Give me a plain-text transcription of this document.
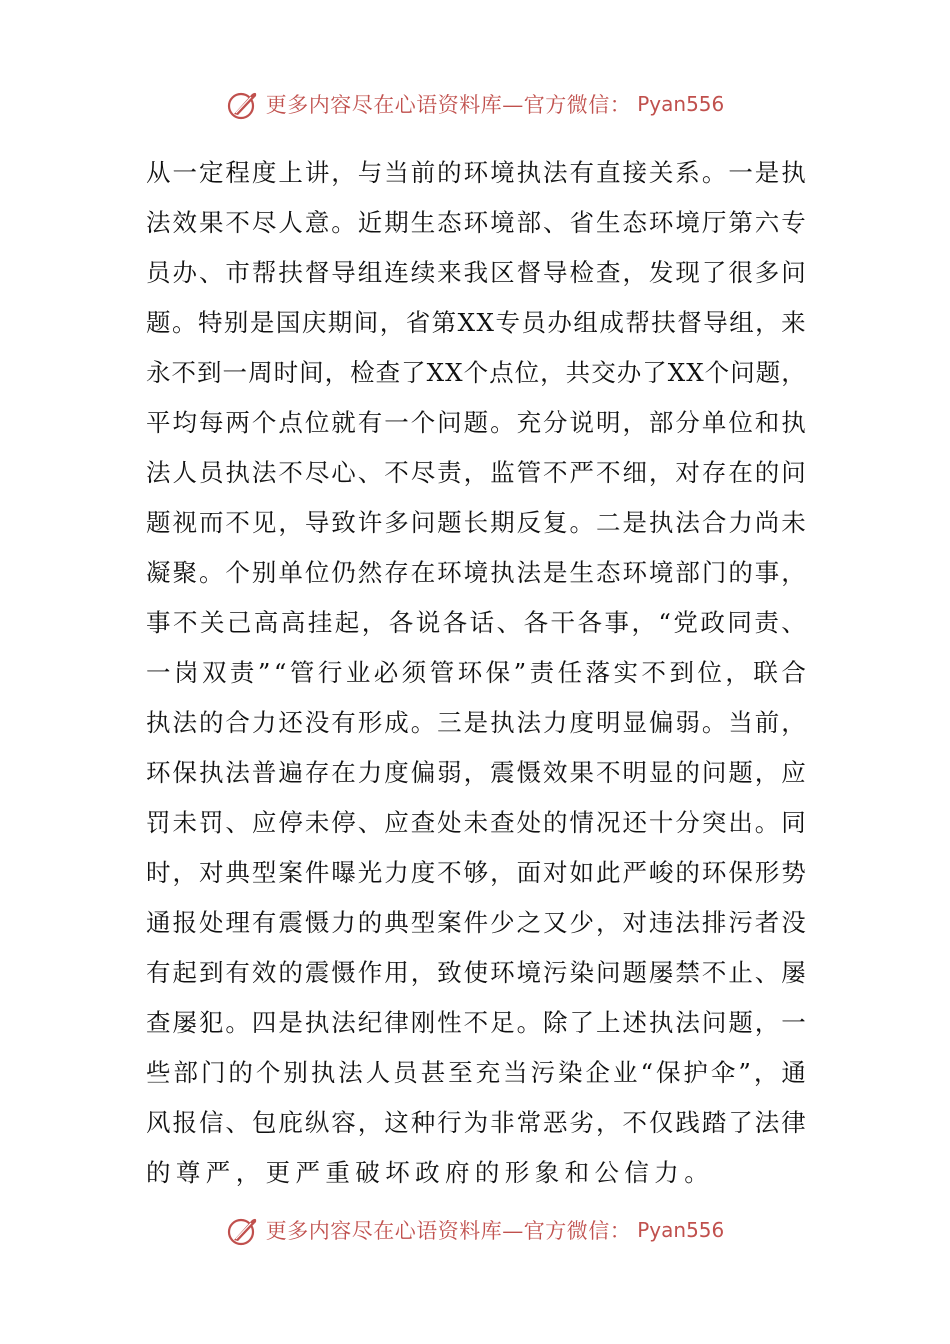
更多内容尽在心语资料库—官方微信： Pyan556
从 一 定 程 度 上 讲 ， 与 当 前 的 环 境 执 法 有 直 接 关 系 。 一 是 执
法 效 果 不 尽 人 意 。 近 期 生 态 环 境 部 、 省 生 态 环 境 厅 第 六 专
员 办 、 市 帮 扶 督 导 组 连 续 来 我 区 督 导 检 查 ， 发 现 了 很 多 问
题 。 特 别 是 国 庆 期 间 ， 省 第 X X 专 员 办 组 成 帮 扶 督 导 组 ， 来
永 不 到 一 周 时 间 ， 检 查 了 X X 个 点 位 ， 共 交 办 了 X X 个 问 题 ，
平 均 每 两 个 点 位 就 有 一 个 问 题 。 充 分 说 明 ， 部 分 单 位 和 执
法 人 员 执 法 不 尽 心 、 不 尽 责 ， 监 管 不 严 不 细 ， 对 存 在 的 问
题 视 而 不 见 ， 导 致 许 多 问 题 长 期 反 复 。 二 是 执 法 合 力 尚 未
凝 聚 。 个 别 单 位 仍 然 存 在 环 境 执 法 是 生 态 环 境 部 门 的 事 ，
事 不 关 己 高 高 挂 起 ， 各 说 各 话 、 各 干 各 事 ， “ 党 政 同 责 、
一 岗 双 责 ” “ 管 行 业 必 须 管 环 保 ” 责 任 落 实 不 到 位 ， 联 合
执 法 的 合 力 还 没 有 形 成 。 三 是 执 法 力 度 明 显 偏 弱 。 当 前 ，
环 保 执 法 普 遍 存 在 力 度 偏 弱 ， 震 慑 效 果 不 明 显 的 问 题 ， 应
罚 未 罚 、 应 停 未 停 、 应 查 处 未 查 处 的 情 况 还 十 分 突 出 。 同
时 ， 对 典 型 案 件 曝 光 力 度 不 够 ， 面 对 如 此 严 峻 的 环 保 形 势
通 报 处 理 有 震 慑 力 的 典 型 案 件 少 之 又 少 ， 对 违 法 排 污 者 没
有 起 到 有 效 的 震 慑 作 用 ， 致 使 环 境 污 染 问 题 屡 禁 不 止 、 屡
查 屡 犯 。 四 是 执 法 纪 律 刚 性 不 足 。 除 了 上 述 执 法 问 题 ， 一
些 部 门 的 个 别 执 法 人 员 甚 至 充 当 污 染 企 业 “ 保 护 伞 ” ， 通
风 报 信 、 包 庇 纵 容 ， 这 种 行 为 非 常 恶 劣 ， 不 仅 践 踏 了 法 律
的尊严，更严重破坏政府的形象和公信力。
更多内容尽在心语资料库—官方微信： Pyan556
